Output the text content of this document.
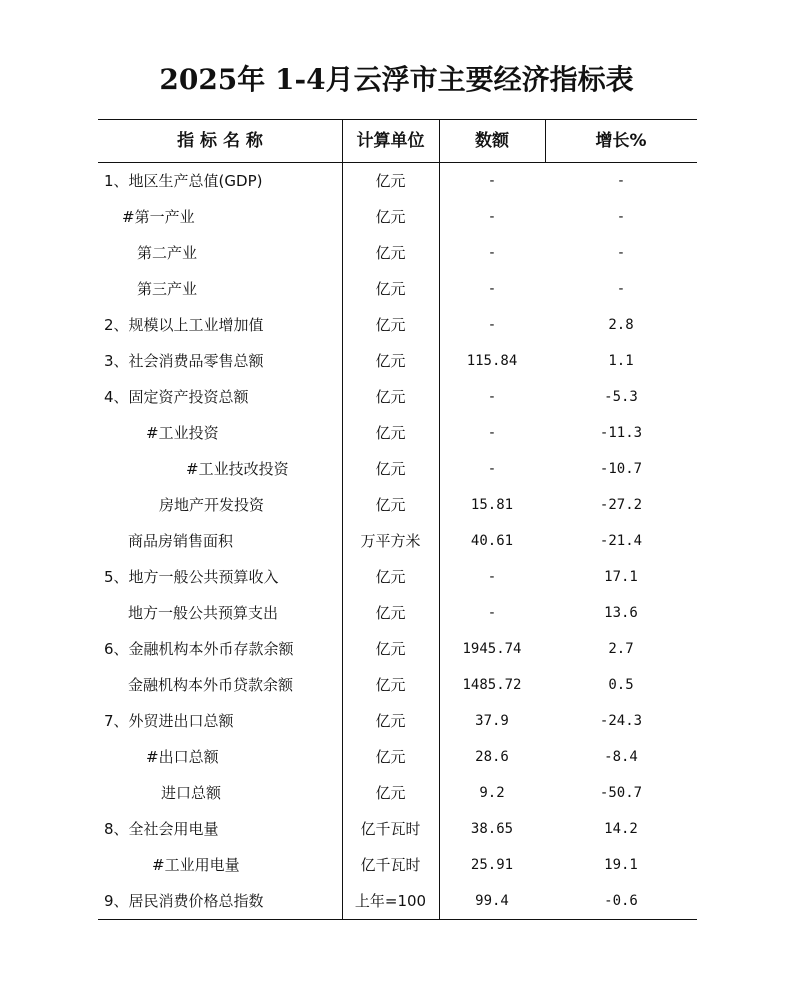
2025年 1-4月云浮市主要经济指标表
指 标 名 称	计算单位	数额	增长%
1、地区生产总值(GDP)	亿元	-	-
#第一产业	亿元	-	-
第二产业	亿元	-	-
第三产业	亿元	-	-
2、规模以上工业增加值	亿元	-	2.8
3、社会消费品零售总额	亿元	115.84	1.1
4、固定资产投资总额	亿元	-	-5.3
#工业投资	亿元	-	-11.3
#工业技改投资	亿元	-	-10.7
房地产开发投资	亿元	15.81	-27.2
商品房销售面积	万平方米	40.61	-21.4
5、地方一般公共预算收入	亿元	-	17.1
地方一般公共预算支出	亿元	-	13.6
6、金融机构本外币存款余额	亿元	1945.74	2.7
金融机构本外币贷款余额	亿元	1485.72	0.5
7、外贸进出口总额	亿元	37.9	-24.3
#出口总额	亿元	28.6	-8.4
进口总额	亿元	9.2	-50.7
8、全社会用电量	亿千瓦时	38.65	14.2
#工业用电量	亿千瓦时	25.91	19.1
9、居民消费价格总指数	上年=100	99.4	-0.6
